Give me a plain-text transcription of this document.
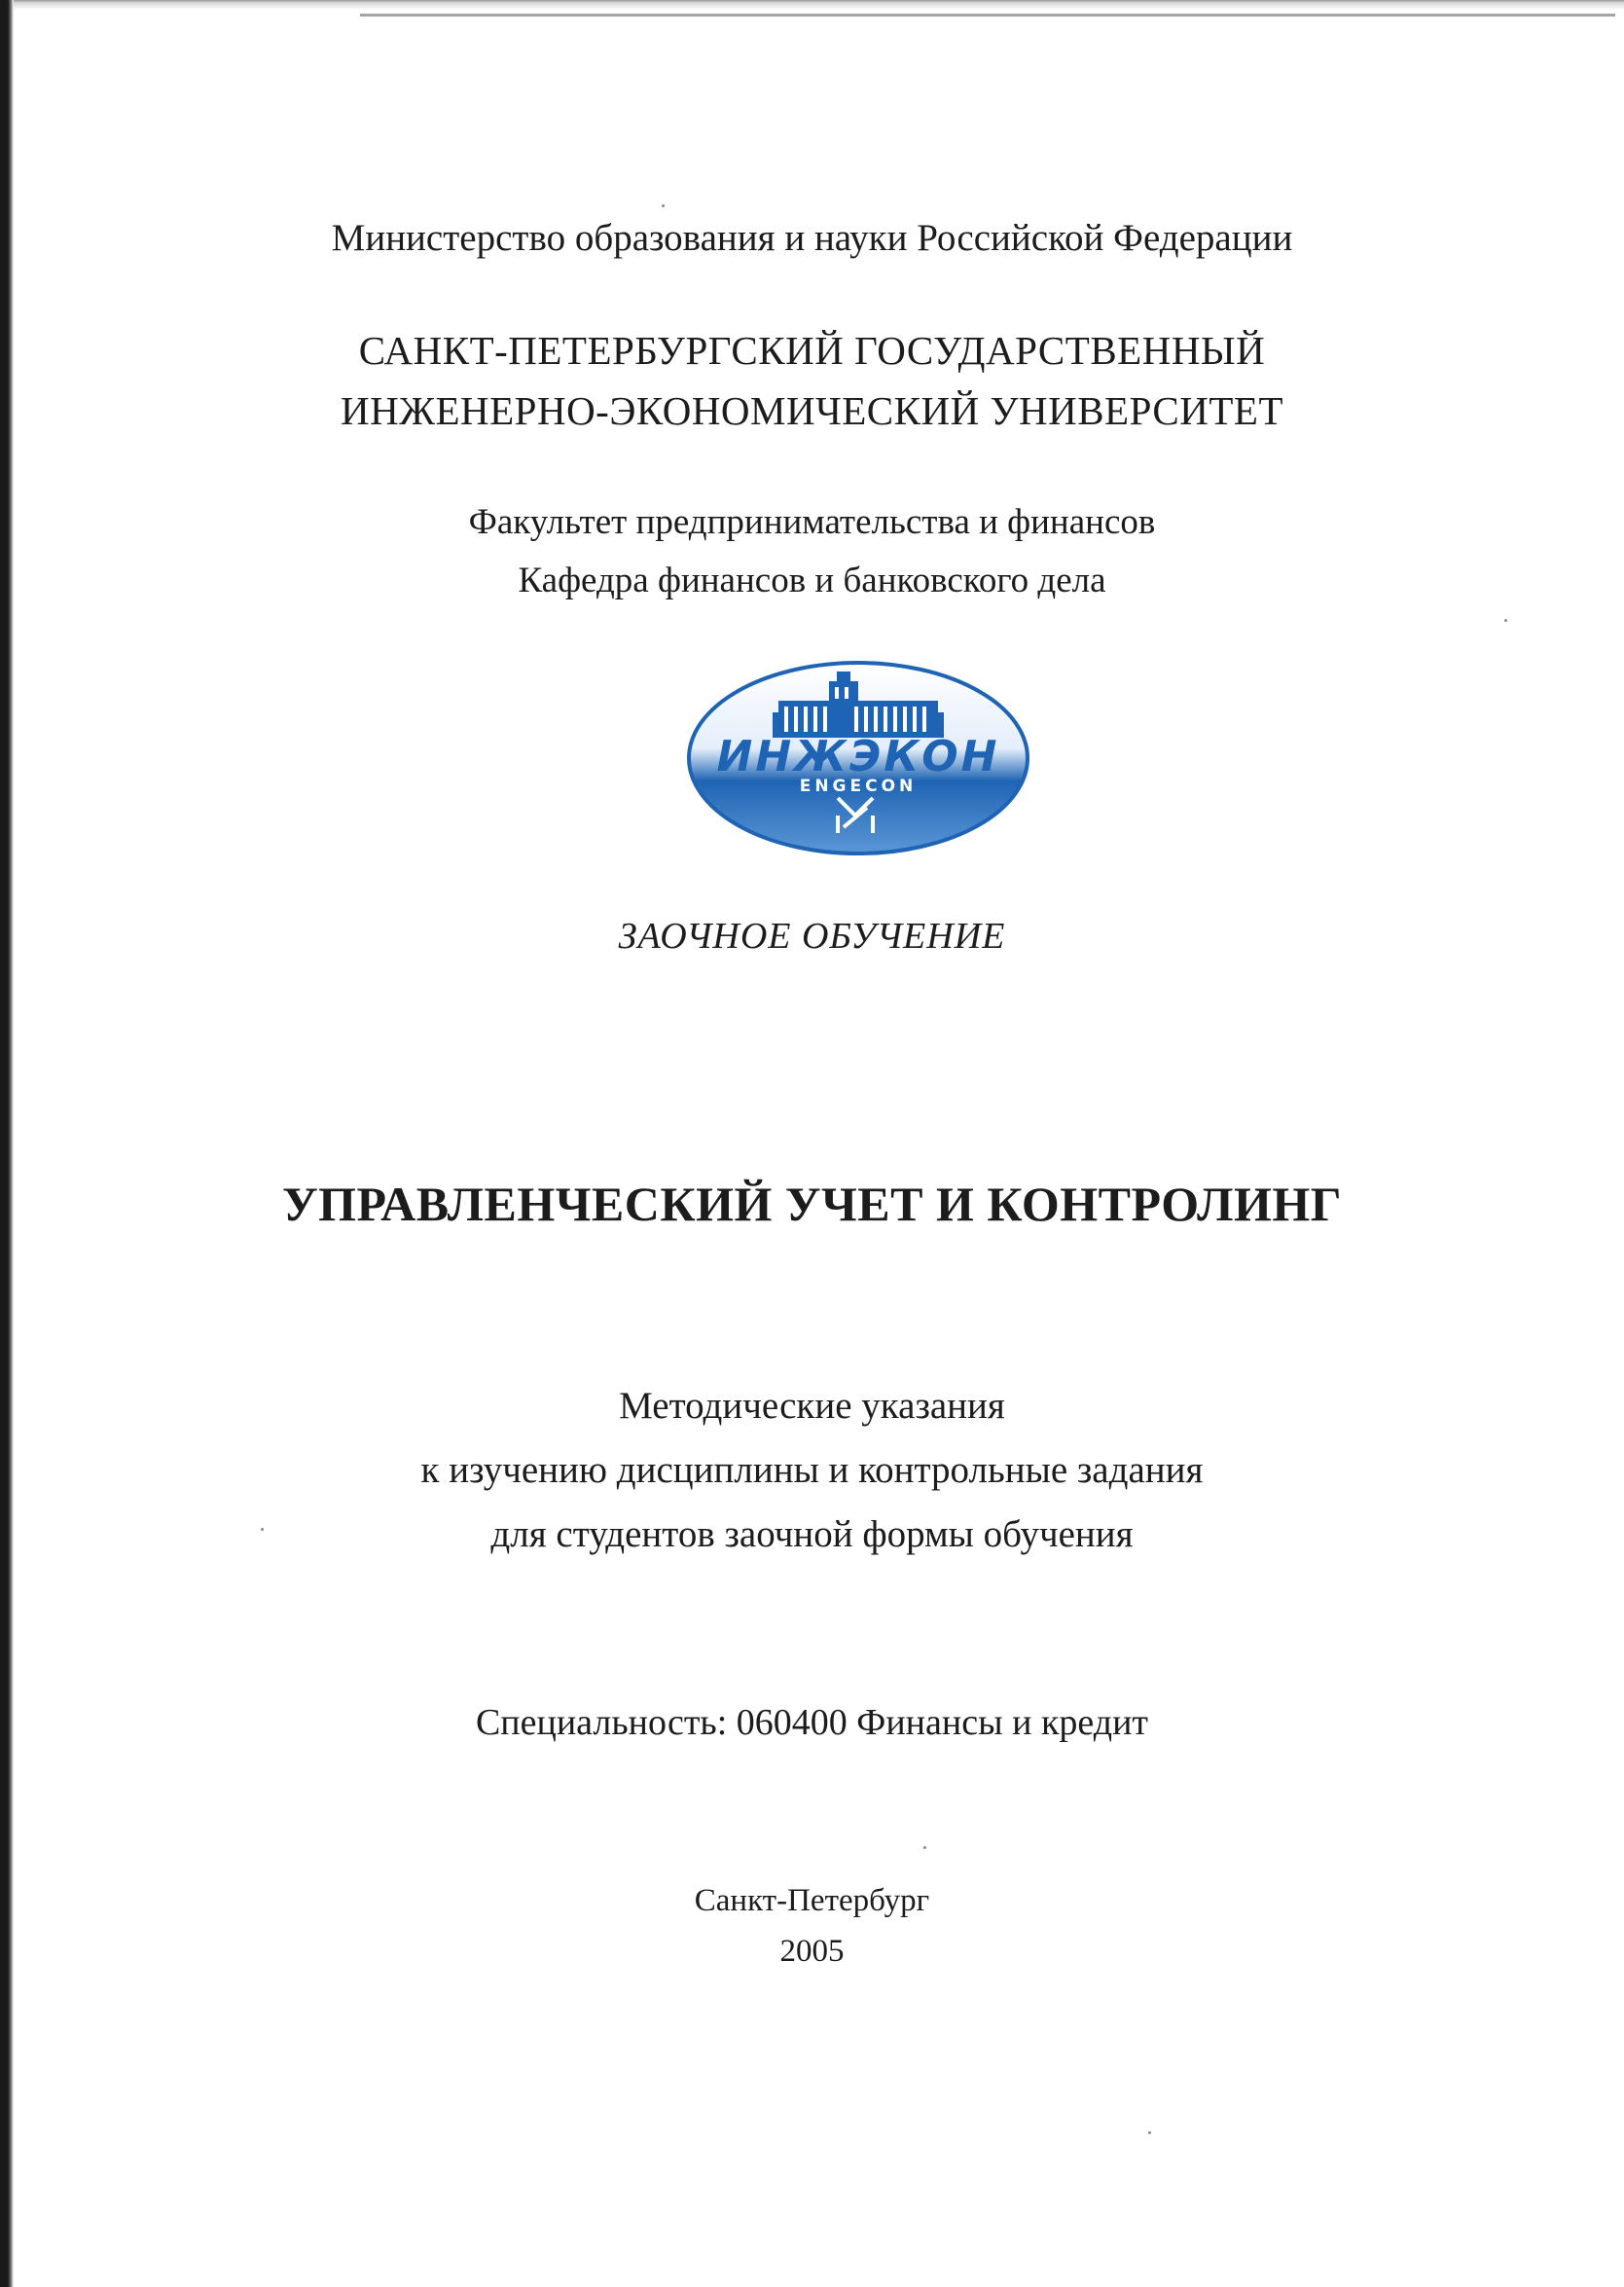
Министерство образования и науки Российской Федерации
САНКТ-ПЕТЕРБУРГСКИЙ ГОСУДАРСТВЕННЫЙ
ИНЖЕНЕРНО-ЭКОНОМИЧЕСКИЙ УНИВЕРСИТЕТ
Факультет предпринимательства и финансов
Кафедра финансов и банковского дела
ИНЖЭКОН
ENGECON
ЗАОЧНОЕ ОБУЧЕНИЕ
УПРАВЛЕНЧЕСКИЙ УЧЕТ И КОНТРОЛИНГ
Методические указания
к изучению дисциплины и контрольные задания
для студентов заочной формы обучения
Специальность: 060400 Финансы и кредит
Санкт-Петербург
2005
